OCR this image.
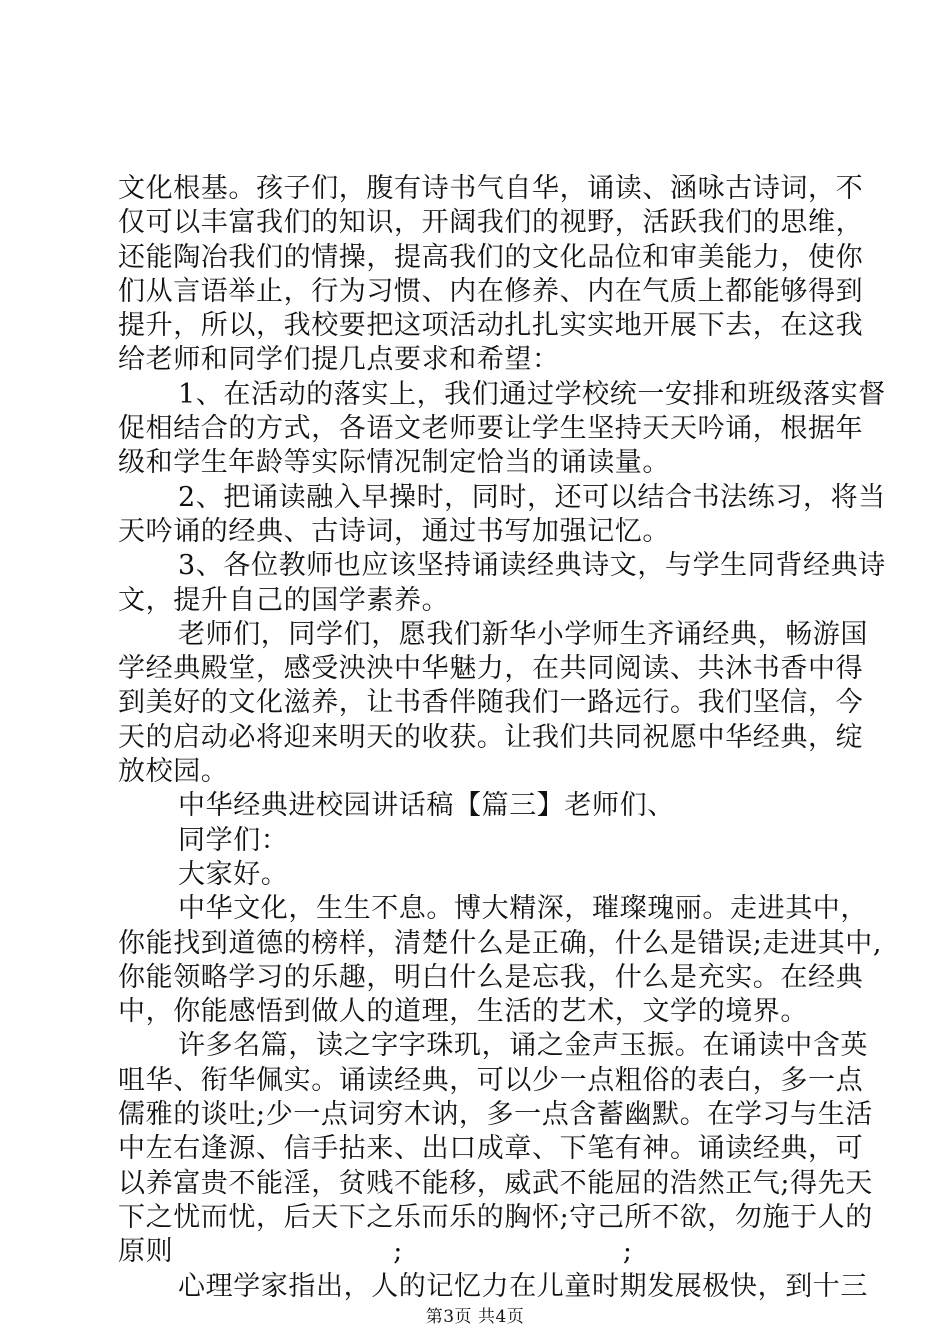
文化根基。孩子们，腹有诗书气自华，诵读、涵咏古诗词，不
仅可以丰富我们的知识，开阔我们的视野，活跃我们的思维，
还能陶冶我们的情操，提高我们的文化品位和审美能力，使你
们从言语举止，行为习惯、内在修养、内在气质上都能够得到
提升，所以，我校要把这项活动扎扎实实地开展下去，在这我
给老师和同学们提几点要求和希望：
1、在活动的落实上，我们通过学校统一安排和班级落实督
促相结合的方式，各语文老师要让学生坚持天天吟诵，根据年
级和学生年龄等实际情况制定恰当的诵读量。
2、把诵读融入早操时，同时，还可以结合书法练习，将当
天吟诵的经典、古诗词，通过书写加强记忆。
3、各位教师也应该坚持诵读经典诗文，与学生同背经典诗
文，提升自己的国学素养。
老师们，同学们，愿我们新华小学师生齐诵经典，畅游国
学经典殿堂，感受泱泱中华魅力，在共同阅读、共沐书香中得
到美好的文化滋养，让书香伴随我们一路远行。我们坚信，今
天的启动必将迎来明天的收获。让我们共同祝愿中华经典，绽
放校园。
中华经典进校园讲话稿【篇三】老师们、
同学们：
大家好。
中华文化，生生不息。博大精深，璀璨瑰丽。走进其中，
你能找到道德的榜样，清楚什么是正确，什么是错误;走进其中,
你能领略学习的乐趣，明白什么是忘我，什么是充实。在经典
中，你能感悟到做人的道理，生活的艺术，文学的境界。
许多名篇，读之字字珠玑，诵之金声玉振。在诵读中含英
咀华、衔华佩实。诵读经典，可以少一点粗俗的表白，多一点
儒雅的谈吐;少一点词穷木讷，多一点含蓄幽默。在学习与生活
中左右逢源、信手拈来、出口成章、下笔有神。诵读经典，可
以养富贵不能淫，贫贱不能移，威武不能屈的浩然正气;得先天
下之忧而忧，后天下之乐而乐的胸怀;守己所不欲，勿施于人的
原则	;	;
心理学家指出，人的记忆力在儿童时期发展极快，到十三
第3页 共4页
